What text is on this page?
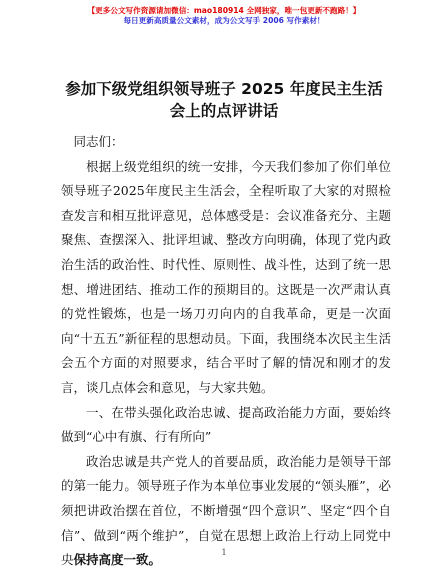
【更多公文写作资源请加微信：mao180914 全网独家，唯一包更新不跑路！】
每日更新高质量公文素材，成为公文写手 2006 写作素材！
参加下级党组织领导班子 2025 年度民主生活会上的点评讲话

同志们：

根据上级党组织的统一安排，今天我们参加了你们单位领导班子2025年度民主生活会，全程听取了大家的对照检查发言和相互批评意见，总体感受是：会议准备充分、主题聚焦、查摆深入、批评坦诚、整改方向明确，体现了党内政治生活的政治性、时代性、原则性、战斗性，达到了统一思想、增进团结、推动工作的预期目的。这既是一次严肃认真的党性锻炼，也是一场刀刃向内的自我革命，更是一次面向“十五五”新征程的思想动员。下面，我围绕本次民主生活会五个方面的对照要求，结合平时了解的情况和刚才的发言，谈几点体会和意见，与大家共勉。

一、在带头强化政治忠诚、提高政治能力方面，要始终做到“心中有旗、行有所向”

政治忠诚是共产党人的首要品质，政治能力是领导干部的第一能力。领导班子作为本单位事业发展的“领头雁”，必须把讲政治摆在首位，不断增强“四个意识”、坚定“四个自信”、做到“两个维护”，自觉在思想上政治上行动上同党中央保持高度一致。	1
